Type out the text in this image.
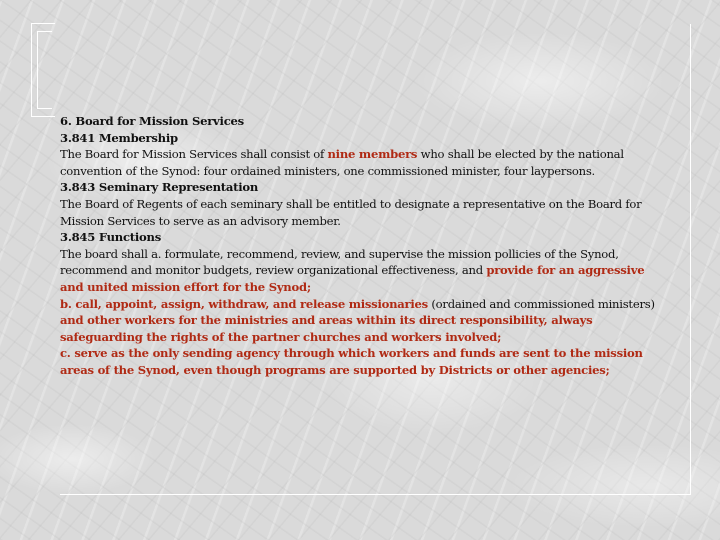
6. Board for Mission Services

3.841 Membership

The Board for Mission Services shall consist of nine members who shall be elected by the national convention of the Synod: four ordained ministers, one commissioned minister, four laypersons.

3.843 Seminary Representation

The Board of Regents of each seminary shall be entitled to designate a representative on the Board for Mission Services to serve as an advisory member.

3.845 Functions

The board shall a. formulate, recommend, review, and supervise the mission pollicies of the Synod, recommend and monitor budgets, review organizational effectiveness, and provide for an aggressive and united mission effort for the Synod;

b. call, appoint, assign, withdraw, and release missionaries (ordained and commissioned ministers) and other workers for the ministries and areas within its direct responsibility, always safeguarding the rights of the partner churches and workers involved;

c. serve as the only sending agency through which workers and funds are sent to the mission areas of the Synod, even though programs are supported by Districts or other agencies;
